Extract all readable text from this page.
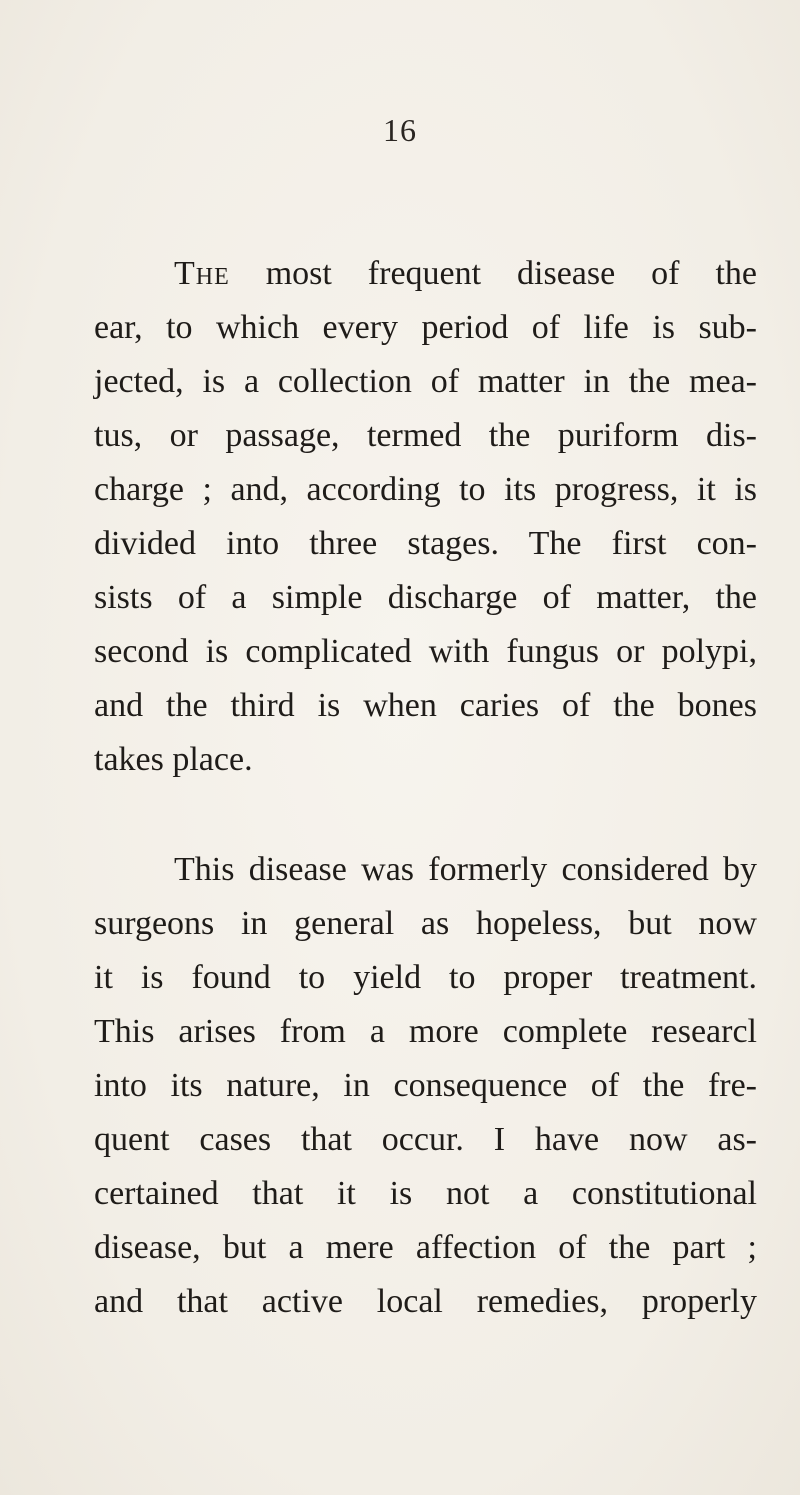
16
The most frequent disease of the
ear, to which every period of life is sub-
jected, is a collection of matter in the mea-
tus, or passage, termed the puriform dis-
charge ; and, according to its progress, it is
divided into three stages. The first con-
sists of a simple discharge of matter, the
second is complicated with fungus or polypi,
and the third is when caries of the bones
takes place.
This disease was formerly considered by
surgeons in general as hopeless, but now
it is found to yield to proper treatment.
This arises from a more complete researcl
into its nature, in consequence of the fre-
quent cases that occur. I have now as-
certained that it is not a constitutional
disease, but a mere affection of the part ;
and that active local remedies, properly
